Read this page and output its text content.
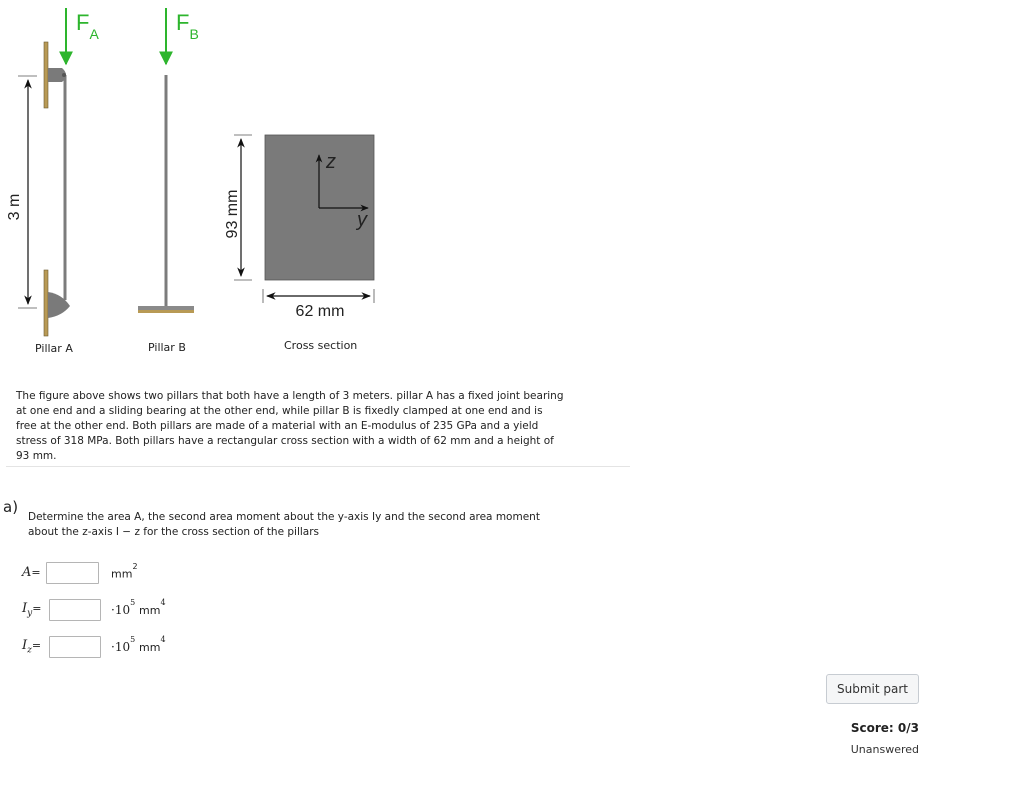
$F_A$	$F_B$
3 m	93 mm
62 mm
z
y
Pillar A	Pillar B	Cross section
The figure above shows two pillars that both have a length of 3 meters. pillar A has a fixed joint bearing at one end and a sliding bearing at the other end, while pillar B is fixedly clamped at one end and is free at the other end. Both pillars are made of a material with an E-modulus of 235 GPa and a yield stress of 318 MPa. Both pillars have a rectangular cross section with a width of 62 mm and a height of 93 mm.
a)
Determine the area A, the second area moment about the y-axis Iy and the second area moment about the z-axis I − z for the cross section of the pillars
A=	$mm^2$
$I_y=$	$\cdot 10^5$ $mm^4$
$I_z=$	$\cdot 10^5$ $mm^4$
Submit part
Score: 0/3
Unanswered
